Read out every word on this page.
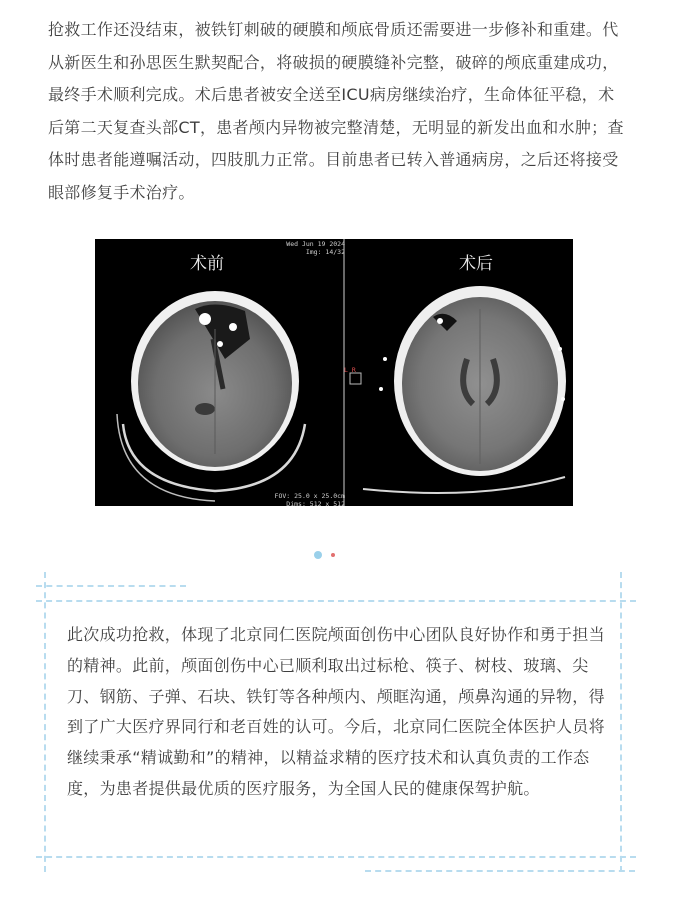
抢救工作还没结束，被铁钉刺破的硬膜和颅底骨质还需要进一步修补和重建。代从新医生和孙思医生默契配合，将破损的硬膜缝补完整，破碎的颅底重建成功，最终手术顺利完成。术后患者被安全送至ICU病房继续治疗，生命体征平稳，术后第二天复查头部CT，患者颅内异物被完整清楚，无明显的新发出血和水肿；查体时患者能遵嘱活动，四肢肌力正常。目前患者已转入普通病房，之后还将接受眼部修复手术治疗。

术前	术后
Wed Jun 19 2024
Img: 14/32
L R
FOV: 25.0 x 25.0cm
Dims: 512 x 512

此次成功抢救，体现了北京同仁医院颅面创伤中心团队良好协作和勇于担当的精神。此前，颅面创伤中心已顺利取出过标枪、筷子、树枝、玻璃、尖刀、钢筋、子弹、石块、铁钉等各种颅内、颅眶沟通，颅鼻沟通的异物，得到了广大医疗界同行和老百姓的认可。今后，北京同仁医院全体医护人员将继续秉承“精诚勤和”的精神，以精益求精的医疗技术和认真负责的工作态度，为患者提供最优质的医疗服务，为全国人民的健康保驾护航。
